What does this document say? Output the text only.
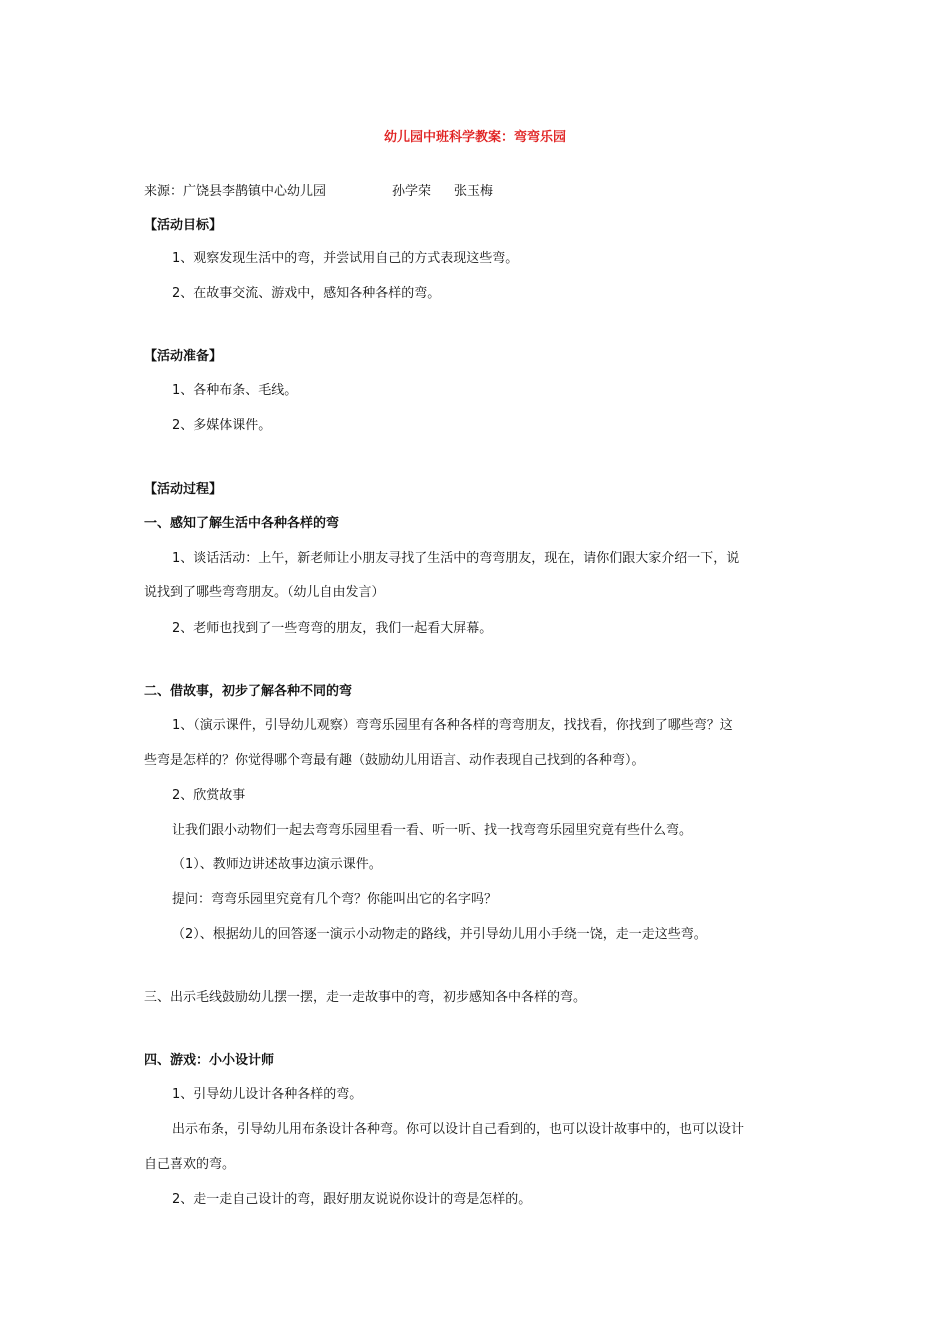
幼儿园中班科学教案：弯弯乐园
来源：广饶县李鹊镇中心幼儿园	孙学荣 张玉梅
【活动目标】
1、观察发现生活中的弯，并尝试用自己的方式表现这些弯。
2、在故事交流、游戏中，感知各种各样的弯。
【活动准备】
1、各种布条、毛线。
2、多媒体课件。
【活动过程】
一、感知了解生活中各种各样的弯
1、谈话活动：上午，新老师让小朋友寻找了生活中的弯弯朋友，现在，请你们跟大家介绍一下，说
说找到了哪些弯弯朋友。（幼儿自由发言）
2、老师也找到了一些弯弯的朋友，我们一起看大屏幕。
二、借故事，初步了解各种不同的弯
1、（演示课件，引导幼儿观察）弯弯乐园里有各种各样的弯弯朋友，找找看，你找到了哪些弯？这
些弯是怎样的？你觉得哪个弯最有趣（鼓励幼儿用语言、动作表现自己找到的各种弯）。
2、欣赏故事
让我们跟小动物们一起去弯弯乐园里看一看、听一听、找一找弯弯乐园里究竟有些什么弯。
（1）、教师边讲述故事边演示课件。
提问：弯弯乐园里究竟有几个弯？你能叫出它的名字吗？
（2）、根据幼儿的回答逐一演示小动物走的路线，并引导幼儿用小手绕一饶，走一走这些弯。
三、出示毛线鼓励幼儿摆一摆，走一走故事中的弯，初步感知各中各样的弯。
四、游戏：小小设计师
1、引导幼儿设计各种各样的弯。
出示布条，引导幼儿用布条设计各种弯。你可以设计自己看到的，也可以设计故事中的，也可以设计
自己喜欢的弯。
2、走一走自己设计的弯，跟好朋友说说你设计的弯是怎样的。
